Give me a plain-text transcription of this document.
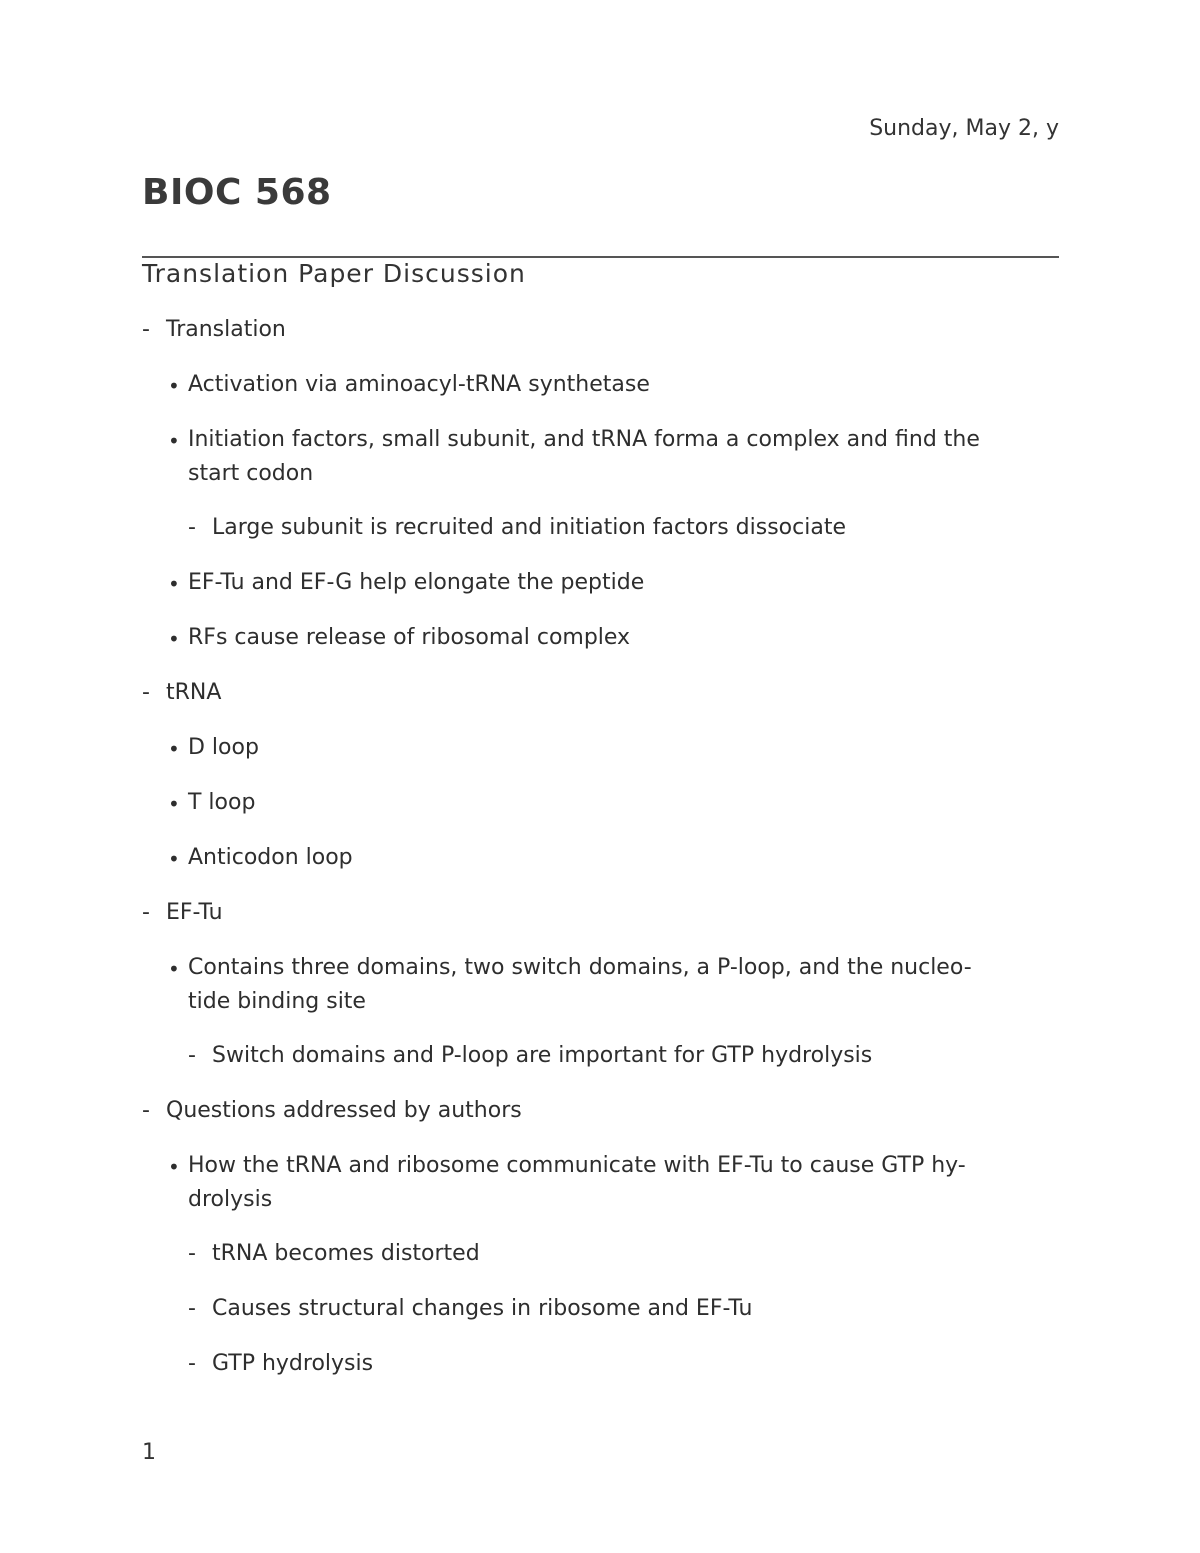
Sunday, May 2, y
BIOC 568
Translation Paper Discussion
- Translation
• Activation via aminoacyl-tRNA synthetase
• Initiation factors, small subunit, and tRNA forma a complex and find the
start codon
- Large subunit is recruited and initiation factors dissociate
• EF-Tu and EF-G help elongate the peptide
• RFs cause release of ribosomal complex
- tRNA
• D loop
• T loop
• Anticodon loop
- EF-Tu
• Contains three domains, two switch domains, a P-loop, and the nucleo-
tide binding site
- Switch domains and P-loop are important for GTP hydrolysis
- Questions addressed by authors
• How the tRNA and ribosome communicate with EF-Tu to cause GTP hy-
drolysis
- tRNA becomes distorted
- Causes structural changes in ribosome and EF-Tu
- GTP hydrolysis
1
